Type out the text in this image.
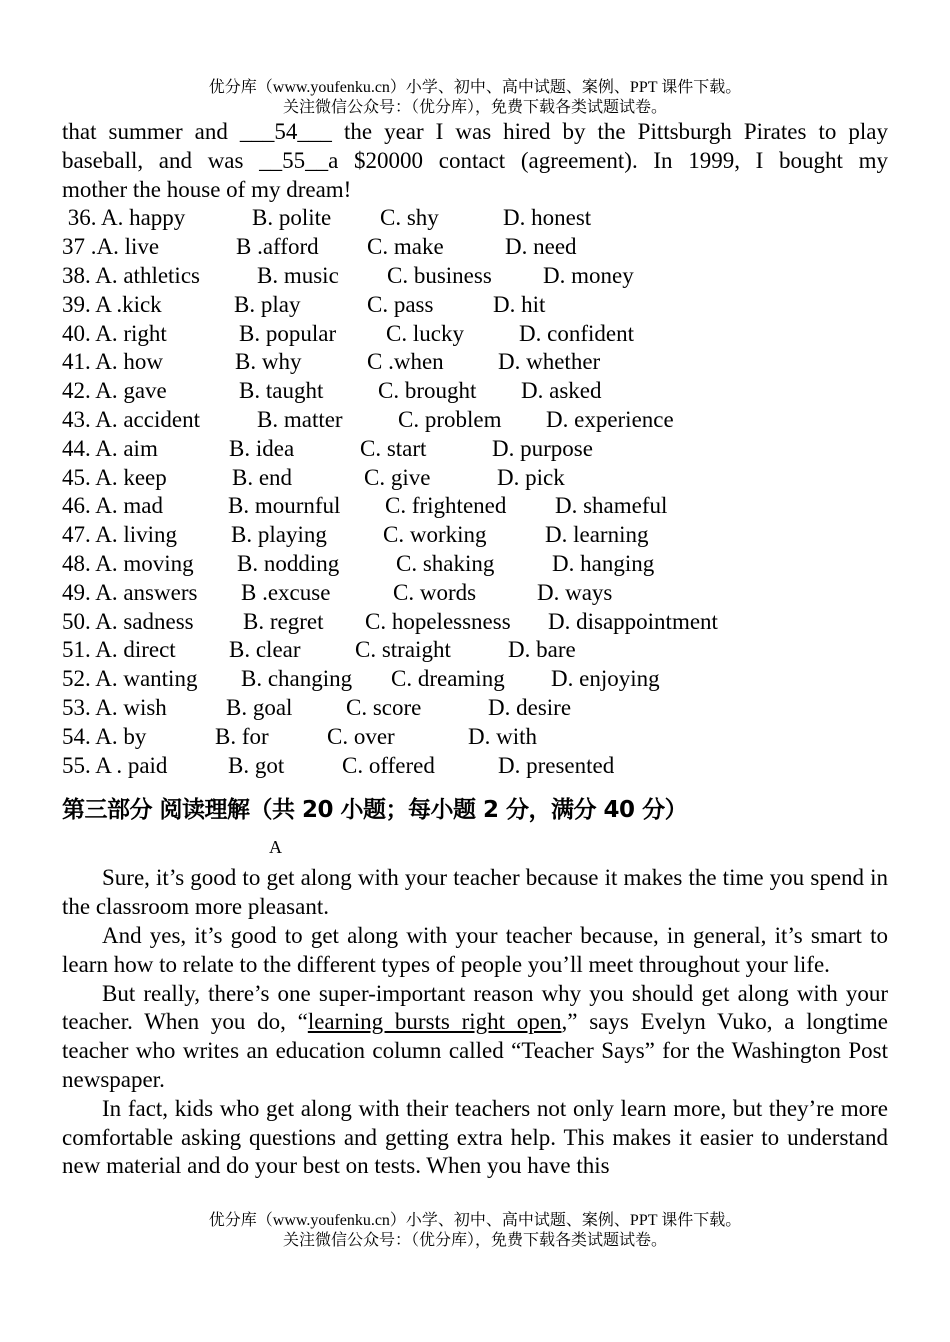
优分库（www.youfenku.cn）小学、初中、高中试题、案例、PPT 课件下载。
关注微信公众号：（优分库），免费下载各类试题试卷。
that summer and ___54___ the year I was hired by the Pittsburgh Pirates to play
baseball, and was __55__a $20000 contact (agreement). In 1999, I bought my
mother the house of my dream!
36. A. happy	B. polite C. shy	D. honest
37 .A. live	B .afford C. make	D. need
38. A. athletics B. music C. business D. money
39. A .kick	B. play	C. pass	D. hit
40. A. right	B. popular C. lucky D. confident
41. A. how	B. why	C .when D. whether
42. A. gave	B. taught C. brought D. asked
43. A. accident B. matter C. problem D. experience
44. A. aim	B. idea	C. start	D. purpose
45. A. keep	B. end	C. give	D. pick
46. A. mad	B. mournful C. frightened D. shameful
47. A. living B. playing C. working	D. learning
48. A. moving B. nodding C. shaking	D. hanging
49. A. answers B .excuse	C. words	D. ways
50. A. sadness B. regret C. hopelessness D. disappointment
51. A. direct B. clear C. straight D. bare
52. A. wanting B. changing C. dreaming D. enjoying
53. A. wish	B. goal C. score	D. desire
54. A. by	B. for	C. over	D. with
55. A . paid	B. got	C. offered	D. presented
第三部分 阅读理解（共 20 小题；每小题 2 分，满分 40 分）
A
Sure, it’s good to get along with your teacher because it makes the time you spend in the classroom more pleasant.
And yes, it’s good to get along with your teacher because, in general, it’s smart to learn how to relate to the different types of people you’ll meet throughout your life.
But really, there’s one super-important reason why you should get along with your teacher. When you do, “learning bursts right open,” says Evelyn Vuko, a longtime teacher who writes an education column called “Teacher Says” for the Washington Post newspaper.
In fact, kids who get along with their teachers not only learn more, but they’re more comfortable asking questions and getting extra help. This makes it easier to understand new material and do your best on tests. When you have this
优分库（www.youfenku.cn）小学、初中、高中试题、案例、PPT 课件下载。
关注微信公众号：（优分库），免费下载各类试题试卷。
